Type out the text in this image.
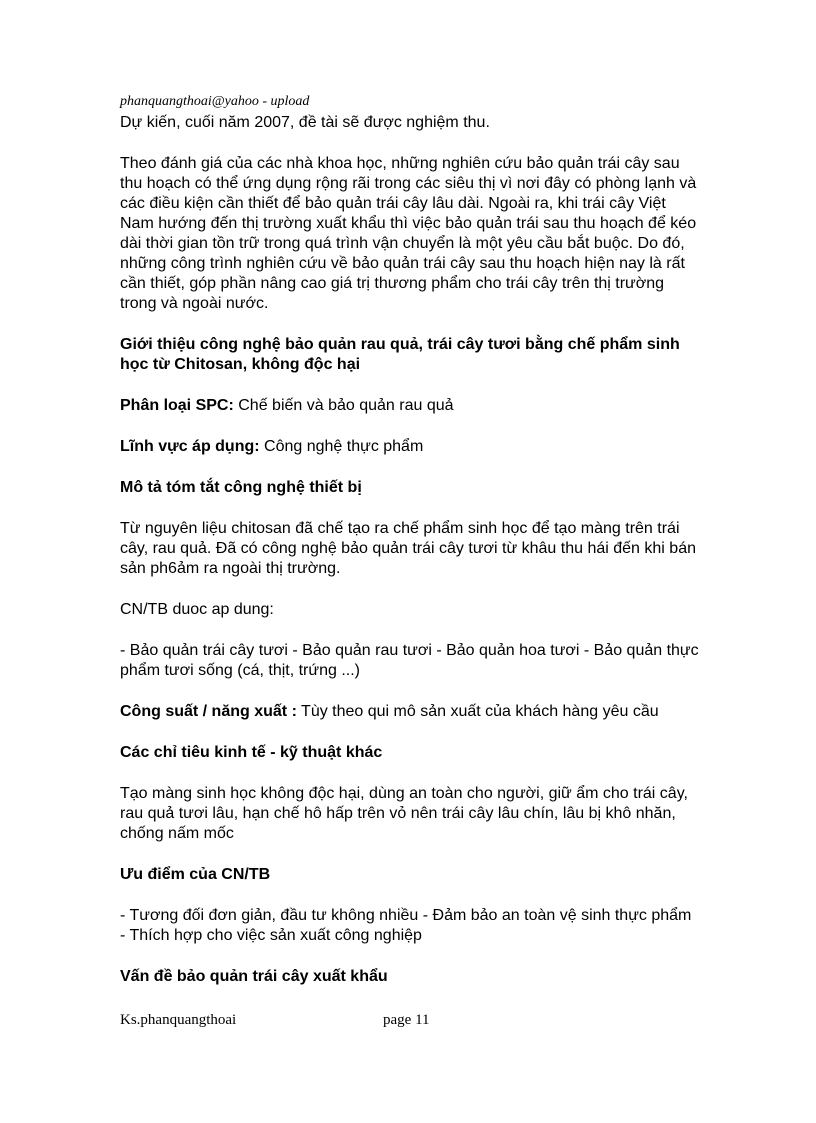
phanquangthoai@yahoo - upload

Dự kiến, cuối năm 2007, đề tài sẽ được nghiệm thu.

Theo đánh giá của các nhà khoa học, những nghiên cứu bảo quản trái cây sau thu hoạch có thể ứng dụng rộng rãi trong các siêu thị vì nơi đây có phòng lạnh và các điều kiện cần thiết để bảo quản trái cây lâu dài. Ngoài ra, khi trái cây Việt Nam hướng đến thị trường xuất khẩu thì việc bảo quản trái sau thu hoạch để kéo dài thời gian tồn trữ trong quá trình vận chuyển là một yêu cầu bắt buộc. Do đó, những công trình nghiên cứu về bảo quản trái cây sau thu hoạch hiện nay là rất cần thiết, góp phần nâng cao giá trị thương phẩm cho trái cây trên thị trường trong và ngoài nước.

Giới thiệu công nghệ bảo quản rau quả, trái cây tươi bằng chế phẩm sinh học từ Chitosan, không độc hại

Phân loại SPC: Chế biến và bảo quản rau quả

Lĩnh vực áp dụng: Công nghệ thực phẩm

Mô tả tóm tắt công nghệ thiết bị

Từ nguyên liệu chitosan đã chế tạo ra chế phẩm sinh học để tạo màng trên trái cây, rau quả. Đã có công nghệ bảo quản trái cây tươi từ khâu thu hái đến khi bán sản ph6ảm ra ngoài thị trường.

CN/TB duoc ap dung:

- Bảo quản trái cây tươi - Bảo quản rau tươi - Bảo quản hoa tươi - Bảo quản thực phẩm tươi sống (cá, thịt, trứng ...)

Công suất / năng xuất : Tùy theo qui mô sản xuất của khách hàng yêu cầu

Các chỉ tiêu kinh tế - kỹ thuật khác

Tạo màng sinh học không độc hại, dùng an toàn cho người, giữ ẩm cho trái cây, rau quả tươi lâu, hạn chế hô hấp trên vỏ nên trái cây lâu chín, lâu bị khô nhăn, chống nấm mốc

Ưu điểm của CN/TB

- Tương đối đơn giản, đầu tư không nhiều - Đảm bảo an toàn vệ sinh thực phẩm - Thích hợp cho việc sản xuất công nghiệp

Vấn đề bảo quản trái cây xuất khẩu

Ks.phanquangthoai	page 11
